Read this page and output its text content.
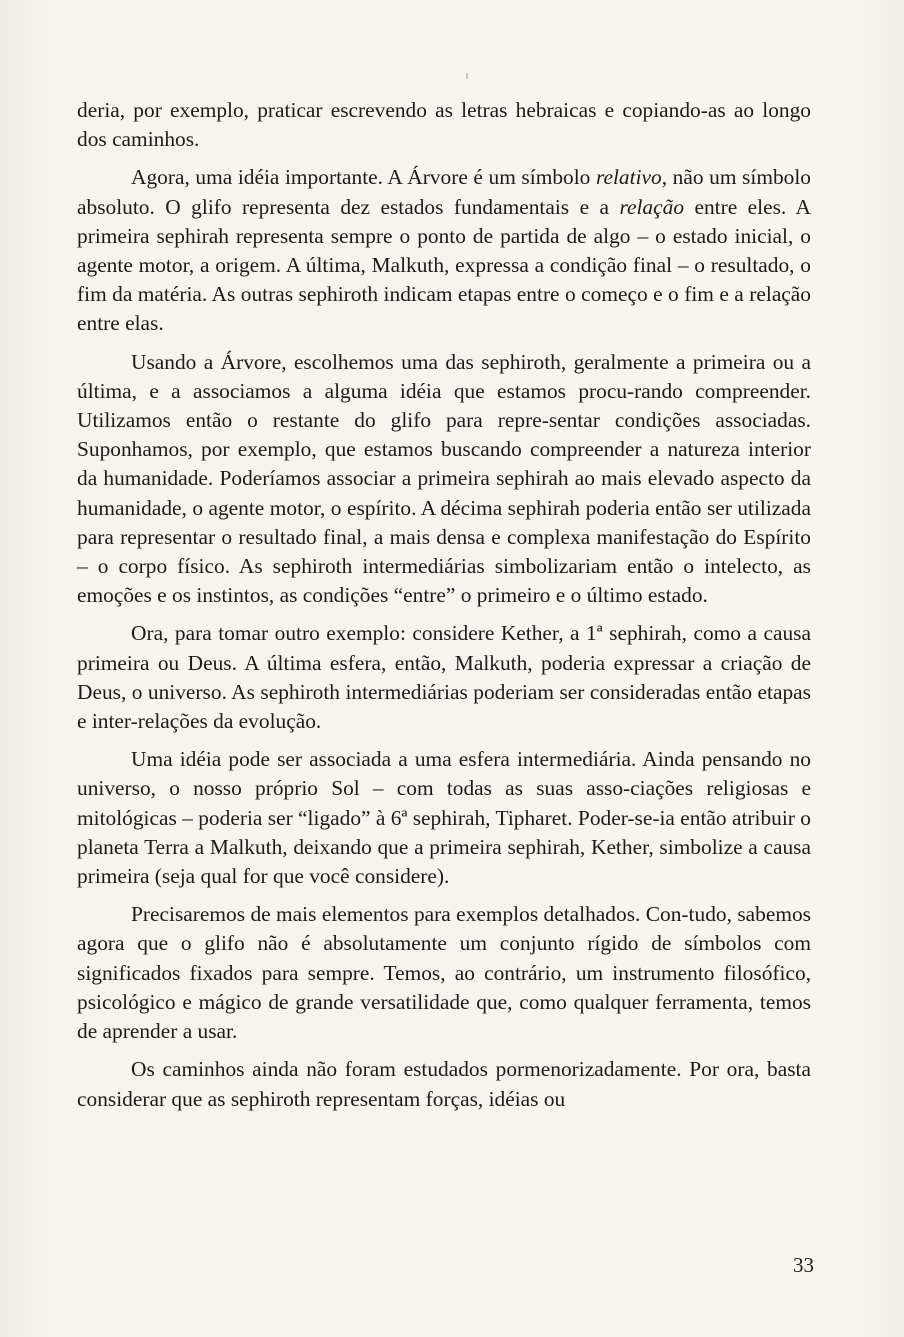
deria, por exemplo, praticar escrevendo as letras hebraicas e copiando-as ao longo dos caminhos.

Agora, uma idéia importante. A Árvore é um símbolo relativo, não um símbolo absoluto. O glifo representa dez estados fundamentais e a relação entre eles. A primeira sephirah representa sempre o ponto de partida de algo – o estado inicial, o agente motor, a origem. A última, Malkuth, expressa a condição final – o resultado, o fim da matéria. As outras sephiroth indicam etapas entre o começo e o fim e a relação entre elas.

Usando a Árvore, escolhemos uma das sephiroth, geralmente a primeira ou a última, e a associamos a alguma idéia que estamos procu-rando compreender. Utilizamos então o restante do glifo para repre-sentar condições associadas. Suponhamos, por exemplo, que estamos buscando compreender a natureza interior da humanidade. Poderíamos associar a primeira sephirah ao mais elevado aspecto da humanidade, o agente motor, o espírito. A décima sephirah poderia então ser utilizada para representar o resultado final, a mais densa e complexa manifestação do Espírito – o corpo físico. As sephiroth intermediárias simbolizariam então o intelecto, as emoções e os instintos, as condições “entre” o primeiro e o último estado.

Ora, para tomar outro exemplo: considere Kether, a 1ª sephirah, como a causa primeira ou Deus. A última esfera, então, Malkuth, poderia expressar a criação de Deus, o universo. As sephiroth intermediárias poderiam ser consideradas então etapas e inter-relações da evolução.

Uma idéia pode ser associada a uma esfera intermediária. Ainda pensando no universo, o nosso próprio Sol – com todas as suas asso-ciações religiosas e mitológicas – poderia ser “ligado” à 6ª sephirah, Tipharet. Poder-se-ia então atribuir o planeta Terra a Malkuth, deixando que a primeira sephirah, Kether, simbolize a causa primeira (seja qual for que você considere).

Precisaremos de mais elementos para exemplos detalhados. Con-tudo, sabemos agora que o glifo não é absolutamente um conjunto rígido de símbolos com significados fixados para sempre. Temos, ao contrário, um instrumento filosófico, psicológico e mágico de grande versatilidade que, como qualquer ferramenta, temos de aprender a usar.

Os caminhos ainda não foram estudados pormenorizadamente. Por ora, basta considerar que as sephiroth representam forças, idéias ou

33
